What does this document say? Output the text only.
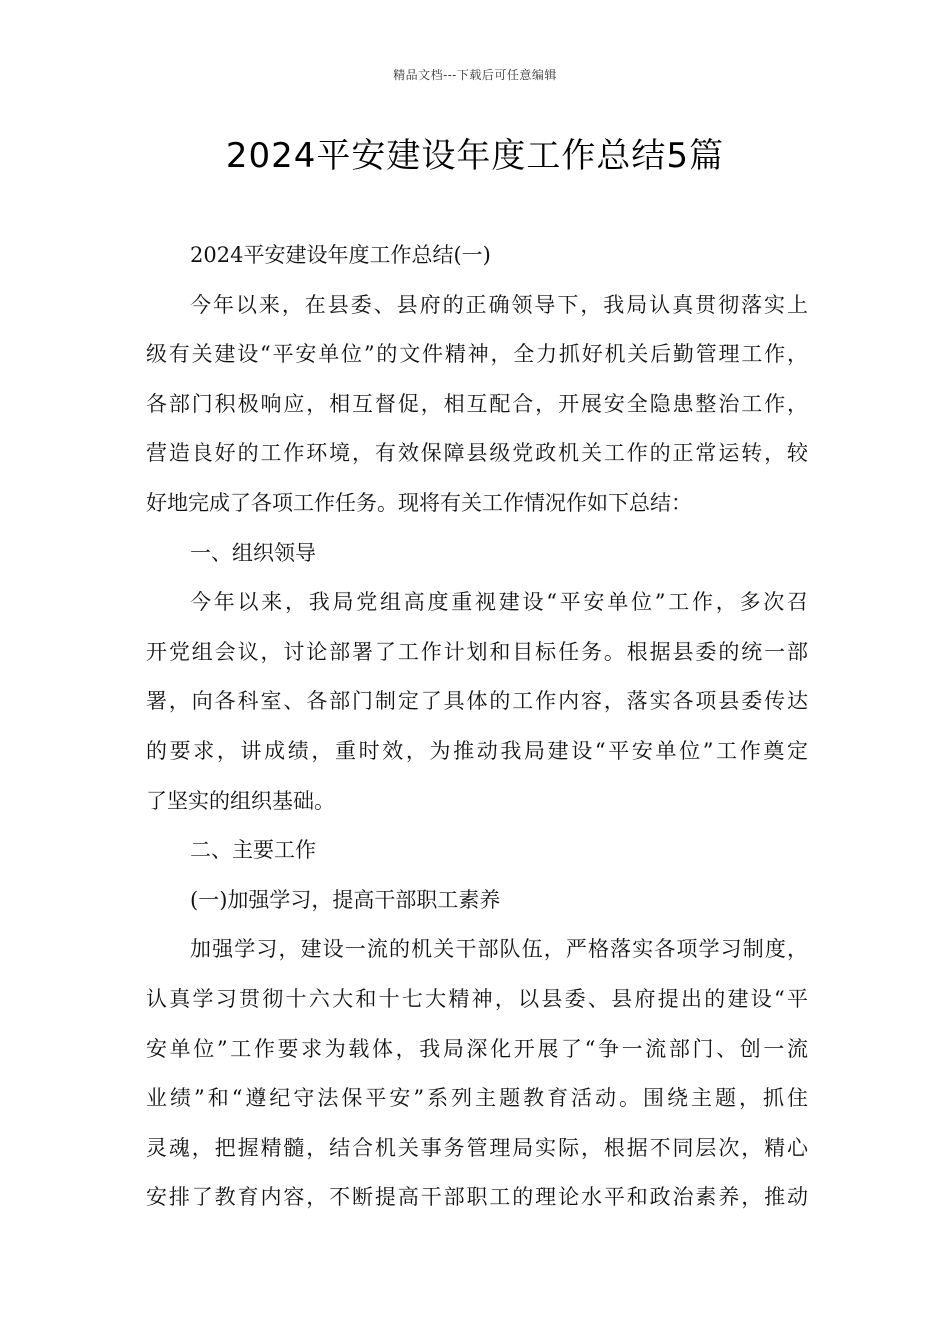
精品文档---下载后可任意编辑
2024平安建设年度工作总结5篇
2024平安建设年度工作总结(一)
今年以来，在县委、县府的正确领导下，我局认真贯彻落实上
级有关建设“平安单位”的文件精神，全力抓好机关后勤管理工作，
各部门积极响应，相互督促，相互配合，开展安全隐患整治工作，
营造良好的工作环境，有效保障县级党政机关工作的正常运转，较
好地完成了各项工作任务。现将有关工作情况作如下总结：
一、组织领导
今年以来，我局党组高度重视建设“平安单位”工作，多次召
开党组会议，讨论部署了工作计划和目标任务。根据县委的统一部
署，向各科室、各部门制定了具体的工作内容，落实各项县委传达
的要求，讲成绩，重时效，为推动我局建设“平安单位”工作奠定
了坚实的组织基础。
二、主要工作
(一)加强学习，提高干部职工素养
加强学习，建设一流的机关干部队伍，严格落实各项学习制度，
认真学习贯彻十六大和十七大精神，以县委、县府提出的建设“平
安单位”工作要求为载体，我局深化开展了“争一流部门、创一流
业绩”和“遵纪守法保平安”系列主题教育活动。围绕主题，抓住
灵魂，把握精髓，结合机关事务管理局实际，根据不同层次，精心
安排了教育内容，不断提高干部职工的理论水平和政治素养，推动
